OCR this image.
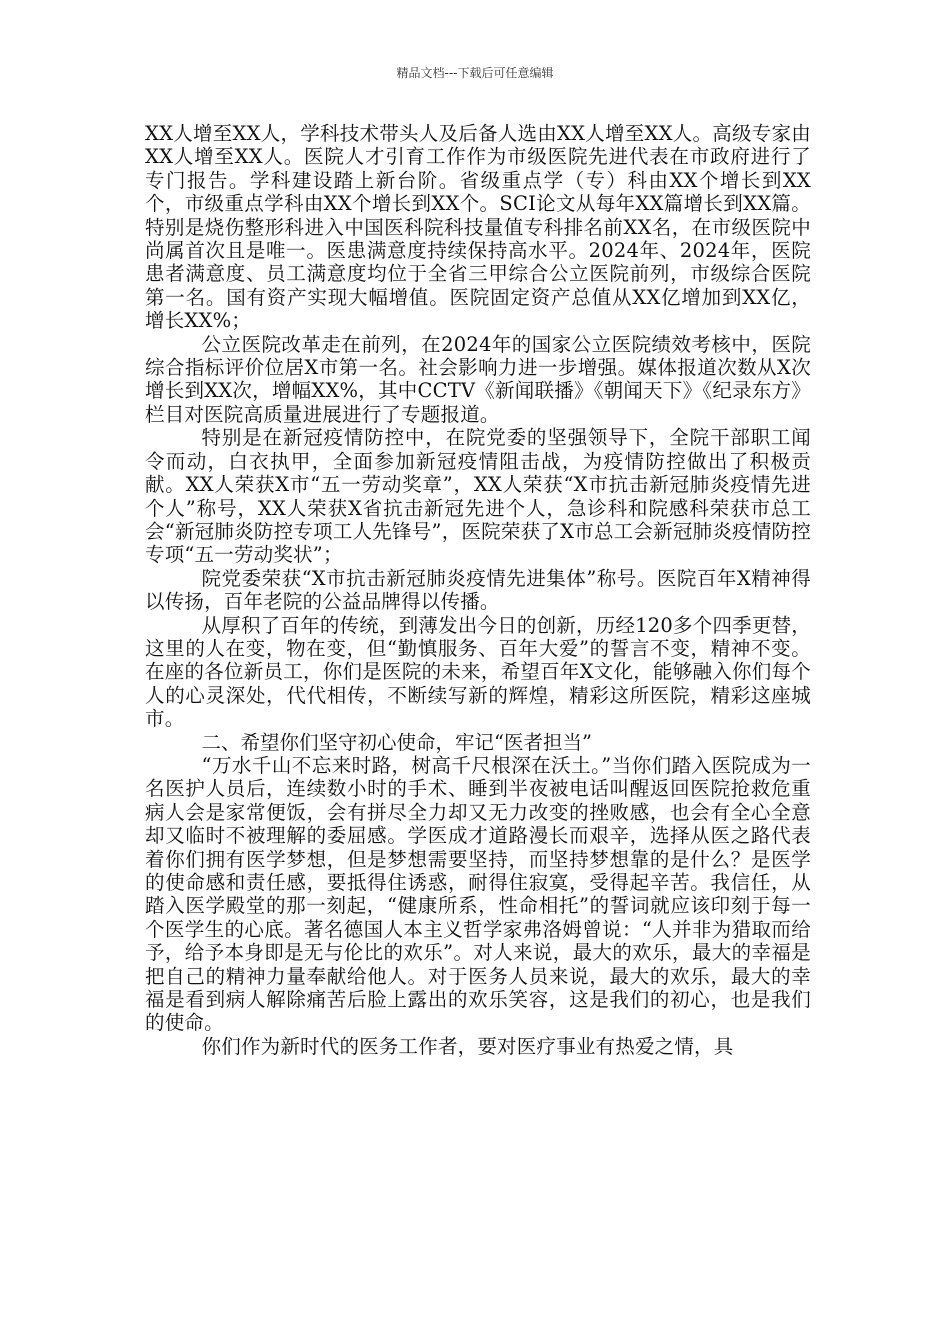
精品文档---下载后可任意编辑

XX人增至XX人，学科技术带头人及后备人选由XX人增至XX人。高级专家由XX人增至XX人。医院人才引育工作作为市级医院先进代表在市政府进行了专门报告。学科建设踏上新台阶。省级重点学（专）科由XX个增长到XX个，市级重点学科由XX个增长到XX个。SCI论文从每年XX篇增长到XX篇。特别是烧伤整形科进入中国医科院科技量值专科排名前XX名，在市级医院中尚属首次且是唯一。医患满意度持续保持高水平。2024年、2024年，医院患者满意度、员工满意度均位于全省三甲综合公立医院前列，市级综合医院第一名。国有资产实现大幅增值。医院固定资产总值从XX亿增加到XX亿，增长XX%；

公立医院改革走在前列，在2024年的国家公立医院绩效考核中，医院综合指标评价位居X市第一名。社会影响力进一步增强。媒体报道次数从X次增长到XX次，增幅XX%，其中CCTV《新闻联播》《朝闻天下》《纪录东方》栏目对医院高质量进展进行了专题报道。

特别是在新冠疫情防控中，在院党委的坚强领导下，全院干部职工闻令而动，白衣执甲，全面参加新冠疫情阻击战，为疫情防控做出了积极贡献。XX人荣获X市“五一劳动奖章”，XX人荣获“X市抗击新冠肺炎疫情先进个人”称号，XX人荣获X省抗击新冠先进个人，急诊科和院感科荣获市总工会“新冠肺炎防控专项工人先锋号”，医院荣获了X市总工会新冠肺炎疫情防控专项“五一劳动奖状”；

院党委荣获“X市抗击新冠肺炎疫情先进集体”称号。医院百年X精神得以传扬，百年老院的公益品牌得以传播。

从厚积了百年的传统，到薄发出今日的创新，历经120多个四季更替，这里的人在变，物在变，但“勤慎服务、百年大爱”的誓言不变，精神不变。在座的各位新员工，你们是医院的未来，希望百年X文化，能够融入你们每个人的心灵深处，代代相传，不断续写新的辉煌，精彩这所医院，精彩这座城市。

二、希望你们坚守初心使命，牢记“医者担当”

“万水千山不忘来时路，树高千尺根深在沃土。”当你们踏入医院成为一名医护人员后，连续数小时的手术、睡到半夜被电话叫醒返回医院抢救危重病人会是家常便饭，会有拼尽全力却又无力改变的挫败感，也会有全心全意却又临时不被理解的委屈感。学医成才道路漫长而艰辛，选择从医之路代表着你们拥有医学梦想，但是梦想需要坚持，而坚持梦想靠的是什么？是医学的使命感和责任感，要抵得住诱惑，耐得住寂寞，受得起辛苦。我信任，从踏入医学殿堂的那一刻起，“健康所系，性命相托”的誓词就应该印刻于每一个医学生的心底。著名德国人本主义哲学家弗洛姆曾说：“人并非为猎取而给予，给予本身即是无与伦比的欢乐”。对人来说，最大的欢乐，最大的幸福是把自己的精神力量奉献给他人。对于医务人员来说，最大的欢乐，最大的幸福是看到病人解除痛苦后脸上露出的欢乐笑容，这是我们的初心，也是我们的使命。

你们作为新时代的医务工作者，要对医疗事业有热爱之情，具
